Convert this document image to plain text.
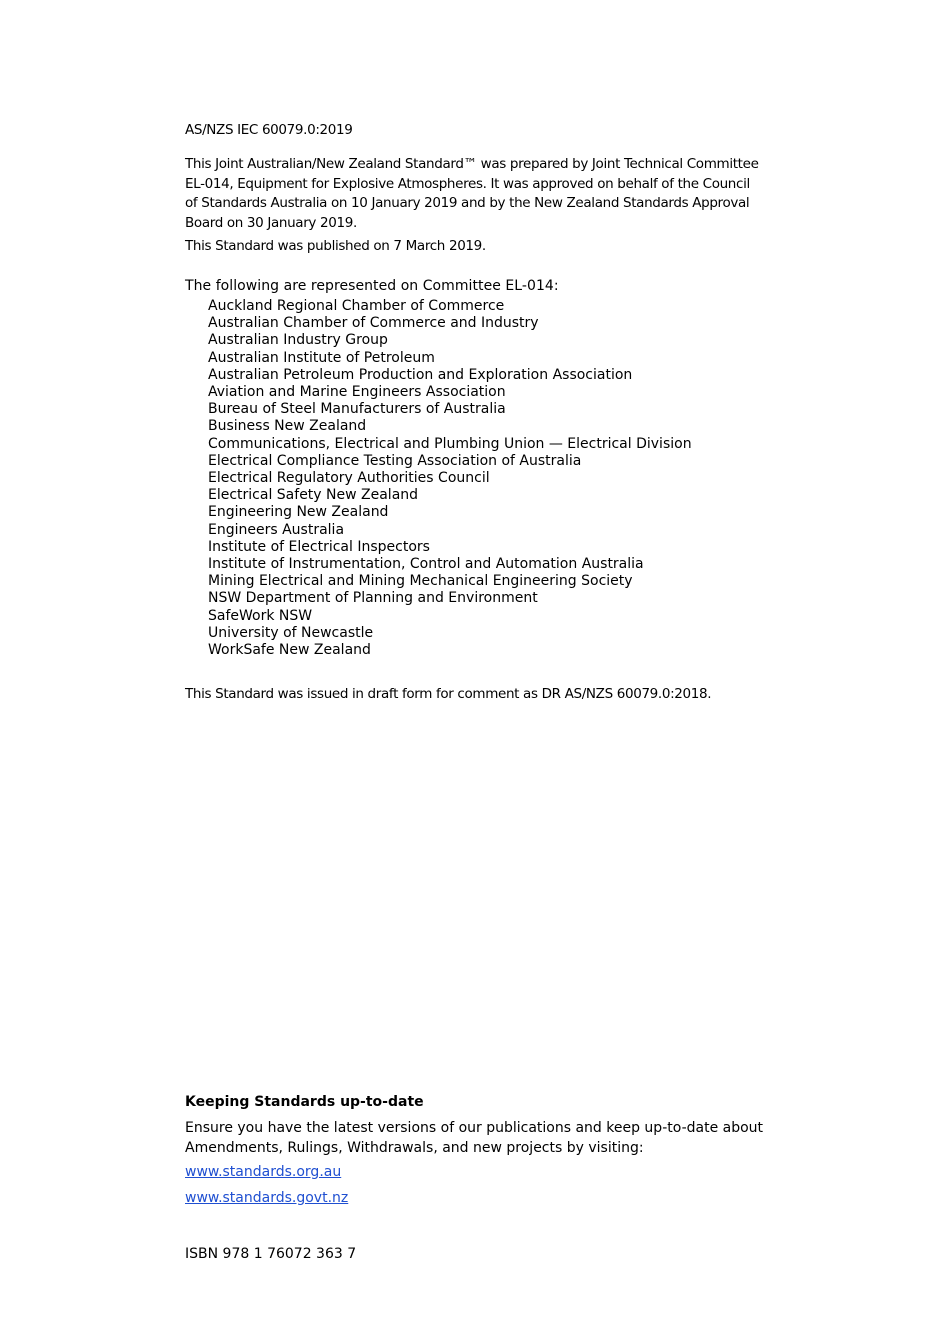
AS/NZS IEC 60079.0:2019
This Joint Australian/New Zealand Standard™ was prepared by Joint Technical Committee EL-014, Equipment for Explosive Atmospheres. It was approved on behalf of the Council of Standards Australia on 10 January 2019 and by the New Zealand Standards Approval Board on 30 January 2019.
This Standard was published on 7 March 2019.
The following are represented on Committee EL-014:
Auckland Regional Chamber of Commerce
Australian Chamber of Commerce and Industry
Australian Industry Group
Australian Institute of Petroleum
Australian Petroleum Production and Exploration Association
Aviation and Marine Engineers Association
Bureau of Steel Manufacturers of Australia
Business New Zealand
Communications, Electrical and Plumbing Union — Electrical Division
Electrical Compliance Testing Association of Australia
Electrical Regulatory Authorities Council
Electrical Safety New Zealand
Engineering New Zealand
Engineers Australia
Institute of Electrical Inspectors
Institute of Instrumentation, Control and Automation Australia
Mining Electrical and Mining Mechanical Engineering Society
NSW Department of Planning and Environment
SafeWork NSW
University of Newcastle
WorkSafe New Zealand
This Standard was issued in draft form for comment as DR AS/NZS 60079.0:2018.
Keeping Standards up-to-date
Ensure you have the latest versions of our publications and keep up-to-date about Amendments, Rulings, Withdrawals, and new projects by visiting:
www.standards.org.au
www.standards.govt.nz
ISBN 978 1 76072 363 7
